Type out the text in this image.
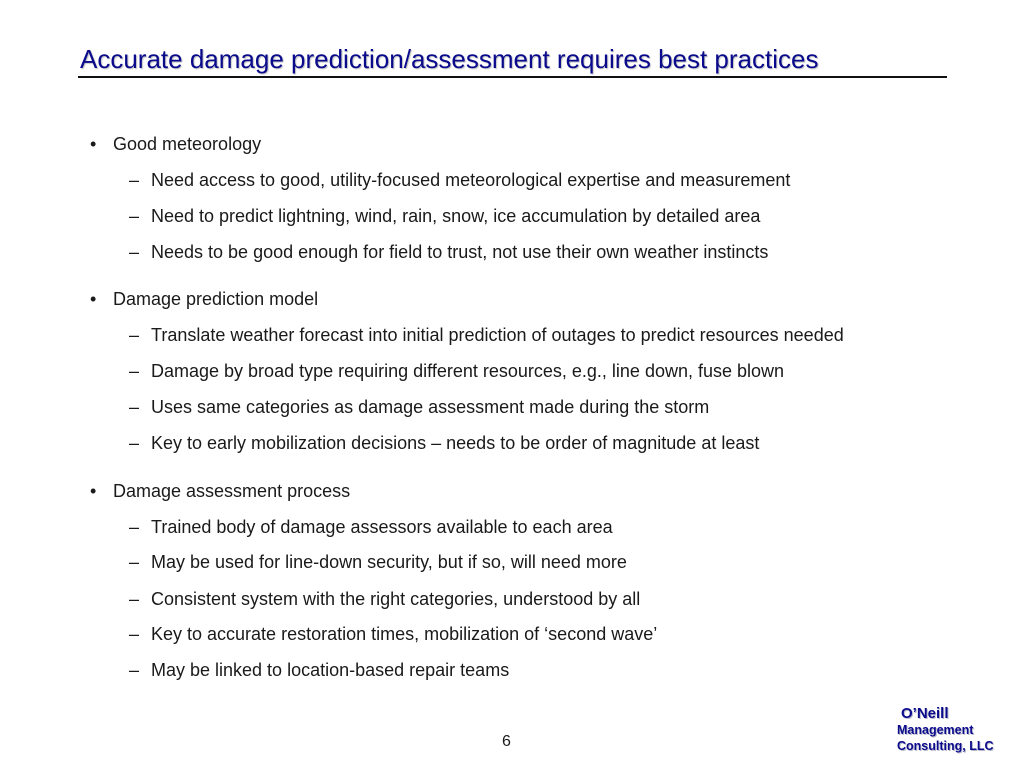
Accurate damage prediction/assessment requires best practices
• Good meteorology
– Need access to good, utility-focused meteorological expertise and measurement
– Need to predict lightning, wind, rain, snow, ice accumulation by detailed area
– Needs to be good enough for field to trust, not use their own weather instincts
• Damage prediction model
– Translate weather forecast into initial prediction of outages to predict resources needed
– Damage by broad type requiring different resources, e.g., line down, fuse blown
– Uses same categories as damage assessment made during the storm
– Key to early mobilization decisions – needs to be order of magnitude at least
• Damage assessment process
– Trained body of damage assessors available to each area
– May be used for line-down security, but if so, will need more
– Consistent system with the right categories, understood by all
– Key to accurate restoration times, mobilization of ‘second wave’
– May be linked to location-based repair teams
6
O’Neill
Management
Consulting, LLC
